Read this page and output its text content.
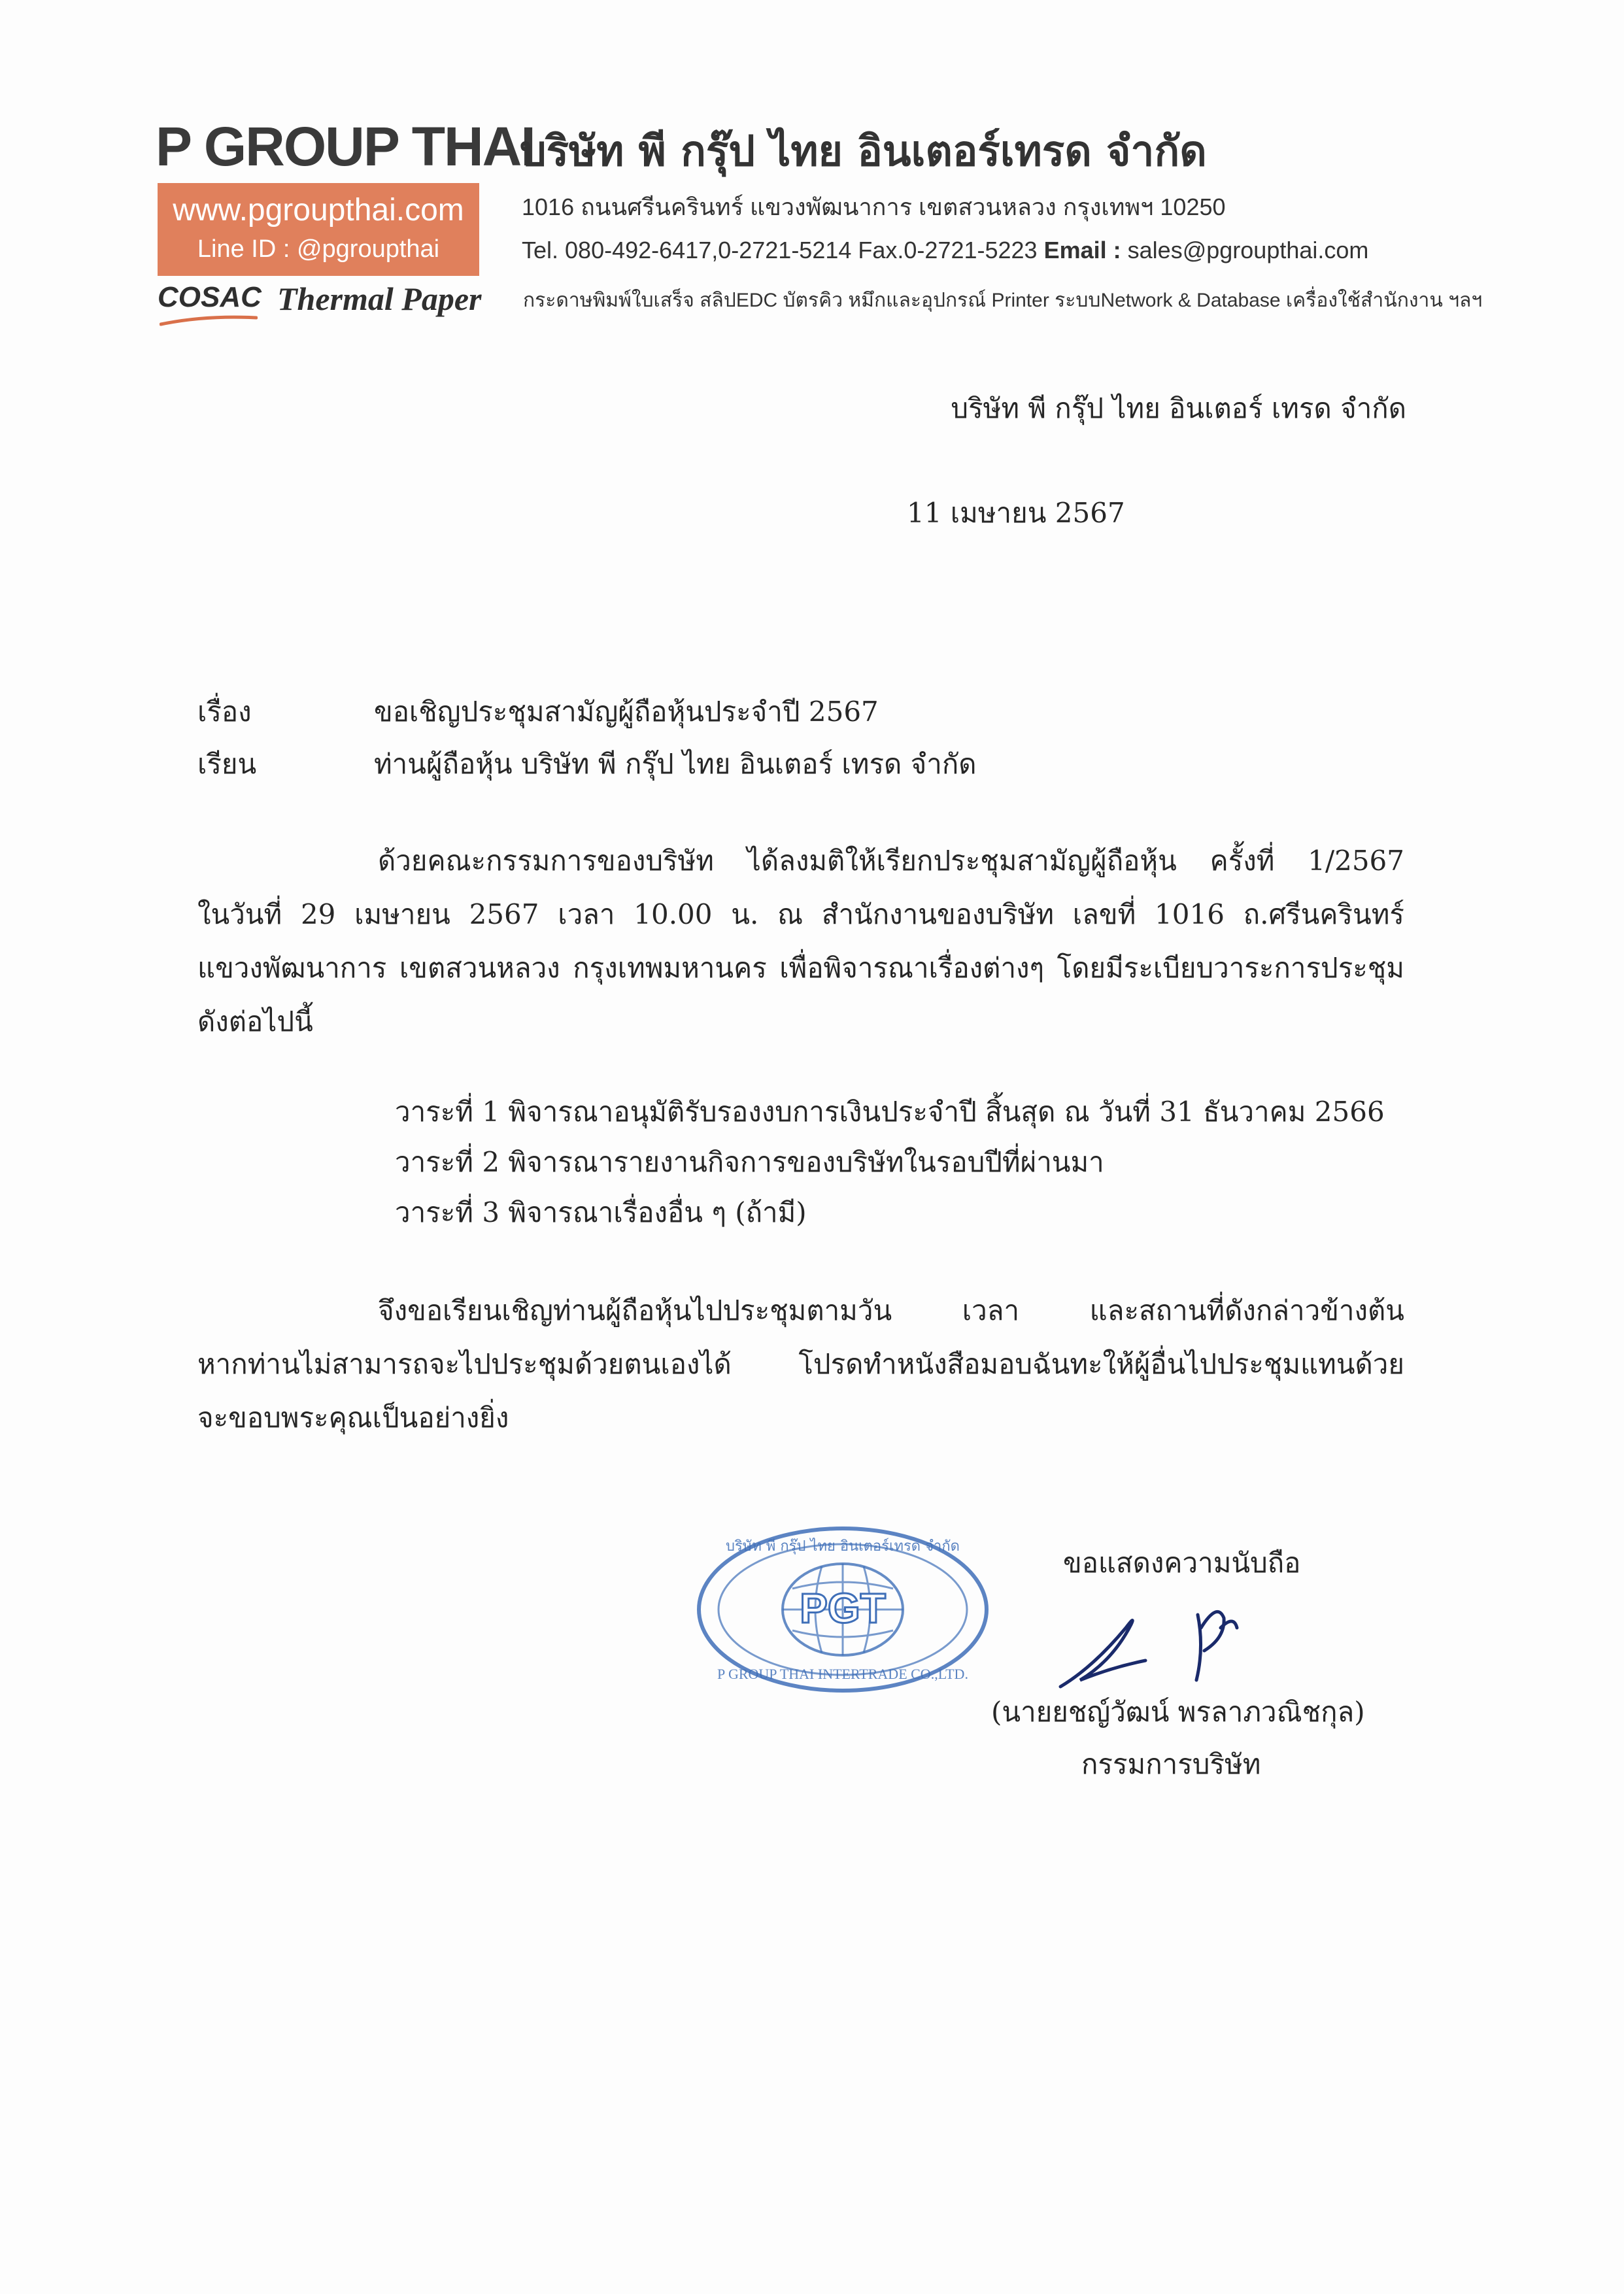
P GROUP THAI
www.pgroupthai.com
Line ID : @pgroupthai
COSAC Thermal Paper
บริษัท พี กรุ๊ป ไทย อินเตอร์เทรด จำกัด
1016 ถนนศรีนครินทร์ แขวงพัฒนาการ เขตสวนหลวง กรุงเทพฯ 10250
Tel. 080-492-6417,0-2721-5214 Fax.0-2721-5223 Email : sales@pgroupthai.com
กระดาษพิมพ์ใบเสร็จ สลิปEDC บัตรคิว หมึกและอุปกรณ์ Printer ระบบNetwork & Database เครื่องใช้สำนักงาน ฯลฯ
บริษัท พี กรุ๊ป ไทย อินเตอร์ เทรด จำกัด
11 เมษายน 2567
เรื่อง	ขอเชิญประชุมสามัญผู้ถือหุ้นประจำปี 2567
เรียน	ท่านผู้ถือหุ้น บริษัท พี กรุ๊ป ไทย อินเตอร์ เทรด จำกัด
ด้วยคณะกรรมการของบริษัท ได้ลงมติให้เรียกประชุมสามัญผู้ถือหุ้น ครั้งที่ 1/2567
ในวันที่ 29 เมษายน 2567 เวลา 10.00 น. ณ สำนักงานของบริษัท เลขที่ 1016 ถ.ศรีนครินทร์
แขวงพัฒนาการ เขตสวนหลวง กรุงเทพมหานคร เพื่อพิจารณาเรื่องต่างๆ โดยมีระเบียบวาระการประชุม
ดังต่อไปนี้
วาระที่ 1 พิจารณาอนุมัติรับรองงบการเงินประจำปี สิ้นสุด ณ วันที่ 31 ธันวาคม 2566
วาระที่ 2 พิจารณารายงานกิจการของบริษัทในรอบปีที่ผ่านมา
วาระที่ 3 พิจารณาเรื่องอื่น ๆ (ถ้ามี)
จึงขอเรียนเชิญท่านผู้ถือหุ้นไปประชุมตามวัน เวลา และสถานที่ดังกล่าวข้างต้น
หากท่านไม่สามารถจะไปประชุมด้วยตนเองได้ โปรดทำหนังสือมอบฉันทะให้ผู้อื่นไปประชุมแทนด้วย
จะขอบพระคุณเป็นอย่างยิ่ง
ขอแสดงความนับถือ
PGT
บริษัท พี กรุ๊ป ไทย อินเตอร์เทรด จำกัด
P GROUP THAI INTERTRADE CO.,LTD.
(นายยชญ์วัฒน์ พรลาภวณิชกุล)
กรรมการบริษัท
